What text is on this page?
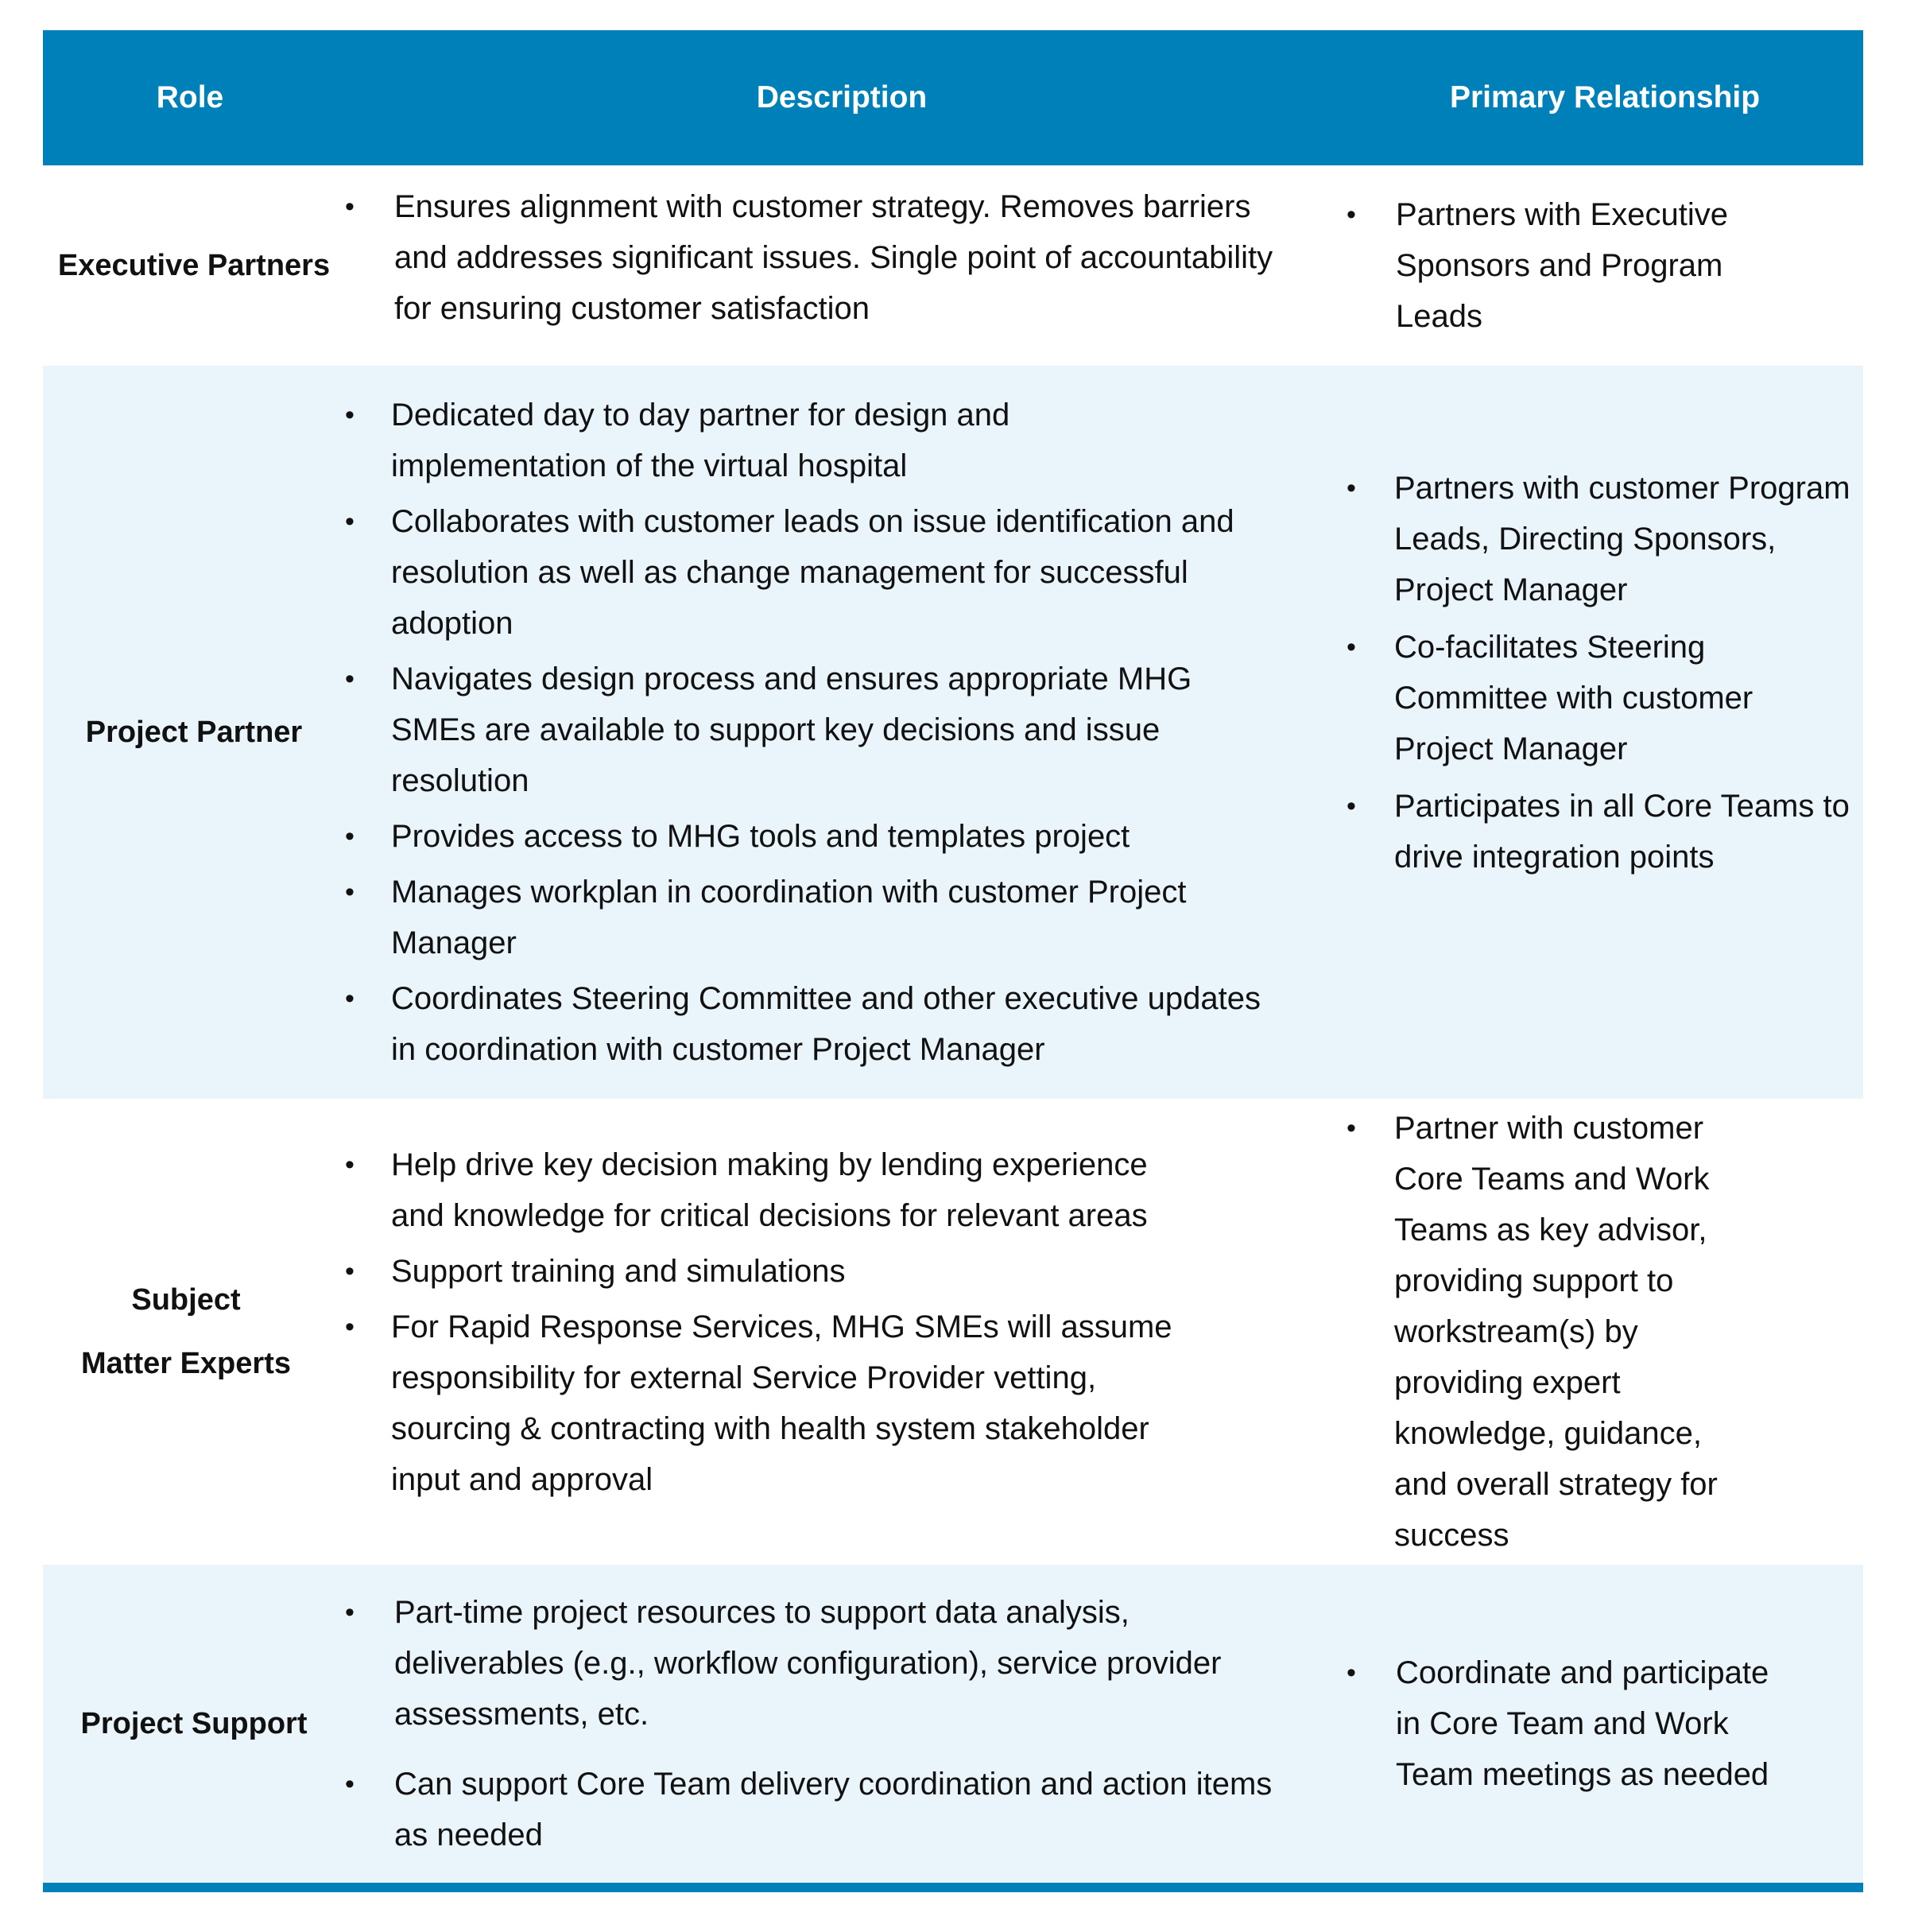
Role	Description	Primary Relationship
Executive Partners
• Ensures alignment with customer strategy. Removes barriers and addresses significant issues. Single point of accountability for ensuring customer satisfaction
• Partners with Executive Sponsors and Program Leads
Project Partner
• Dedicated day to day partner for design and implementation of the virtual hospital
• Collaborates with customer leads on issue identification and resolution as well as change management for successful adoption
• Navigates design process and ensures appropriate MHG SMEs are available to support key decisions and issue resolution
• Provides access to MHG tools and templates project
• Manages workplan in coordination with customer Project Manager
• Coordinates Steering Committee and other executive updates in coordination with customer Project Manager
• Partners with customer Program Leads, Directing Sponsors, Project Manager
• Co-facilitates Steering Committee with customer Project Manager
• Participates in all Core Teams to drive integration points
Subject
Matter Experts
• Help drive key decision making by lending experience and knowledge for critical decisions for relevant areas
• Support training and simulations
• For Rapid Response Services, MHG SMEs will assume responsibility for external Service Provider vetting, sourcing & contracting with health system stakeholder input and approval
• Partner with customer Core Teams and Work Teams as key advisor, providing support to workstream(s) by providing expert knowledge, guidance, and overall strategy for success
Project Support
• Part-time project resources to support data analysis, deliverables (e.g., workflow configuration), service provider assessments, etc.
• Can support Core Team delivery coordination and action items as needed
• Coordinate and participate in Core Team and Work Team meetings as needed
